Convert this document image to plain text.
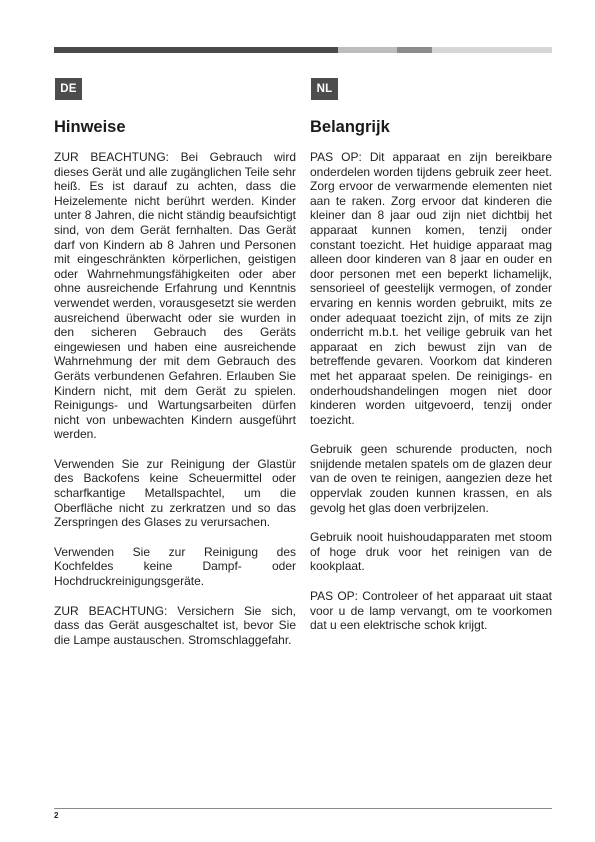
DE	NL
Hinweise

ZUR BEACHTUNG: Bei Gebrauch wird dieses Gerät und alle zugänglichen Teile sehr heiß. Es ist darauf zu achten, dass die Heizelemente nicht berührt werden. Kinder unter 8 Jahren, die nicht ständig beaufsichtigt sind, von dem Gerät fernhalten. Das Gerät darf von Kindern ab 8 Jahren und Personen mit eingeschränkten körperlichen, geistigen oder Wahrnehmungsfähigkeiten oder aber ohne ausreichende Erfahrung und Kenntnis verwendet werden, vorausgesetzt sie werden ausreichend überwacht oder sie wurden in den sicheren Gebrauch des Geräts eingewiesen und haben eine ausreichende Wahrnehmung der mit dem Gebrauch des Geräts verbundenen Gefahren. Erlauben Sie Kindern nicht, mit dem Gerät zu spielen. Reinigungs- und Wartungsarbeiten dürfen nicht von unbewachten Kindern ausgeführt werden.

Verwenden Sie zur Reinigung der Glastür des Backofens keine Scheuermittel oder scharfkantige Metallspachtel, um die Oberfläche nicht zu zerkratzen und so das Zerspringen des Glases zu verursachen.

Verwenden Sie zur Reinigung des Kochfeldes keine Dampf- oder Hochdruckreinigungsgeräte.

ZUR BEACHTUNG: Versichern Sie sich, dass das Gerät ausgeschaltet ist, bevor Sie die Lampe austauschen. Stromschlaggefahr.

Belangrijk

PAS OP: Dit apparaat en zijn bereikbare onderdelen worden tijdens gebruik zeer heet. Zorg ervoor de verwarmende elementen niet aan te raken. Zorg ervoor dat kinderen die kleiner dan 8 jaar oud zijn niet dichtbij het apparaat kunnen komen, tenzij onder constant toezicht. Het huidige apparaat mag alleen door kinderen van 8 jaar en ouder en door personen met een beperkt lichamelijk, sensorieel of geestelijk vermogen, of zonder ervaring en kennis worden gebruikt, mits ze onder adequaat toezicht zijn, of mits ze zijn onderricht m.b.t. het veilige gebruik van het apparaat en zich bewust zijn van de betreffende gevaren. Voorkom dat kinderen met het apparaat spelen. De reinigings- en onderhoudshandelingen mogen niet door kinderen worden uitgevoerd, tenzij onder toezicht.

Gebruik geen schurende producten, noch snijdende metalen spatels om de glazen deur van de oven te reinigen, aangezien deze het oppervlak zouden kunnen krassen, en als gevolg het glas doen verbrijzelen.

Gebruik nooit huishoudapparaten met stoom of hoge druk voor het reinigen van de kookplaat.

PAS OP: Controleer of het apparaat uit staat voor u de lamp vervangt, om te voorkomen dat u een elektrische schok krijgt.

2
